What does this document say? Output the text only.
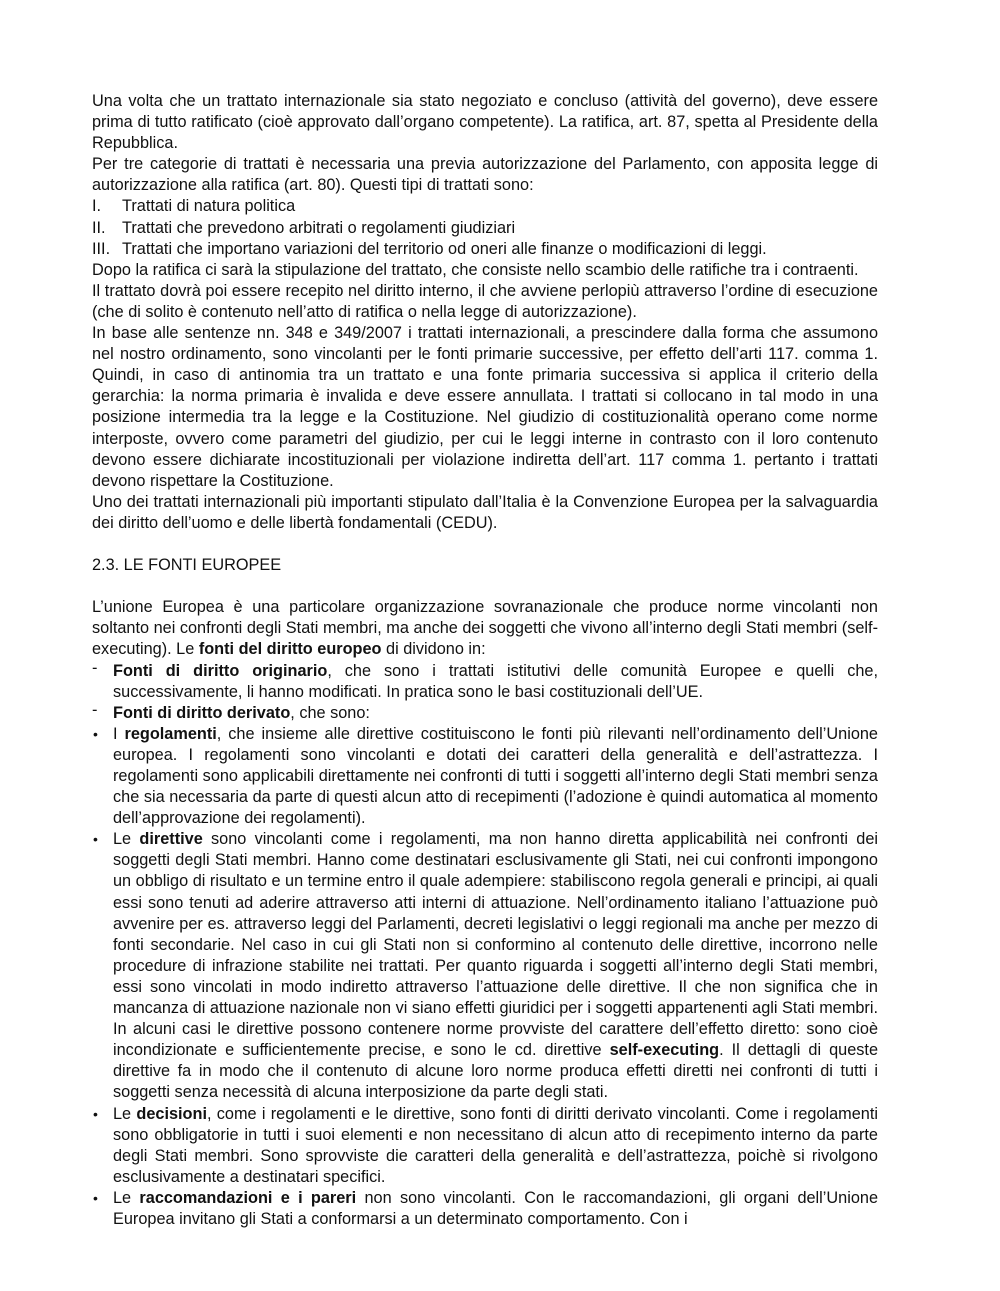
Una volta che un trattato internazionale sia stato negoziato e concluso (attività del governo), deve essere prima di tutto ratificato (cioè approvato dall’organo competente). La ratifica, art. 87, spetta al Presidente della Repubblica.

Per tre categorie di trattati è necessaria una previa autorizzazione del Parlamento, con apposita legge di autorizzazione alla ratifica (art. 80). Questi tipi di trattati sono:

I.	Trattati di natura politica
II.	Trattati che prevedono arbitrati o regolamenti giudiziari
III. Trattati che importano variazioni del territorio od oneri alle finanze o modificazioni di leggi.

Dopo la ratifica ci sarà la stipulazione del trattato, che consiste nello scambio delle ratifiche tra i contraenti.

Il trattato dovrà poi essere recepito nel diritto interno, il che avviene perlopiù attraverso l’ordine di esecuzione (che di solito è contenuto nell’atto di ratifica o nella legge di autorizzazione).

In base alle sentenze nn. 348 e 349/2007 i trattati internazionali, a prescindere dalla forma che assumono nel nostro ordinamento, sono vincolanti per le fonti primarie successive, per effetto dell’arti 117. comma 1. Quindi, in caso di antinomia tra un trattato e una fonte primaria successiva si applica il criterio della gerarchia: la norma primaria è invalida e deve essere annullata. I trattati si collocano in tal modo in una posizione intermedia tra la legge e la Costituzione. Nel giudizio di costituzionalità operano come norme interposte, ovvero come parametri del giudizio, per cui le leggi interne in contrasto con il loro contenuto devono essere dichiarate incostituzionali per violazione indiretta dell’art. 117 comma 1. pertanto i trattati devono rispettare la Costituzione.

Uno dei trattati internazionali più importanti stipulato dall’Italia è la Convenzione Europea per la salvaguardia dei diritto dell’uomo e delle libertà fondamentali (CEDU).

2.3. LE FONTI EUROPEE

L’unione Europea è una particolare organizzazione sovranazionale che produce norme vincolanti non soltanto nei confronti degli Stati membri, ma anche dei soggetti che vivono all’interno degli Stati membri (self-executing). Le fonti del diritto europeo di dividono in:

- Fonti di diritto originario, che sono i trattati istitutivi delle comunità Europee e quelli che, successivamente, li hanno modificati. In pratica sono le basi costituzionali dell’UE.
- Fonti di diritto derivato, che sono:
• I regolamenti, che insieme alle direttive costituiscono le fonti più rilevanti nell’ordinamento dell’Unione europea. I regolamenti sono vincolanti e dotati dei caratteri della generalità e dell’astrattezza. I regolamenti sono applicabili direttamente nei confronti di tutti i soggetti all’interno degli Stati membri senza che sia necessaria da parte di questi alcun atto di recepimenti (l’adozione è quindi automatica al momento dell’approvazione dei regolamenti).
• Le direttive sono vincolanti come i regolamenti, ma non hanno diretta applicabilità nei confronti dei soggetti degli Stati membri. Hanno come destinatari esclusivamente gli Stati, nei cui confronti impongono un obbligo di risultato e un termine entro il quale adempiere: stabiliscono regola generali e principi, ai quali essi sono tenuti ad aderire attraverso atti interni di attuazione. Nell’ordinamento italiano l’attuazione può avvenire per es. attraverso leggi del Parlamenti, decreti legislativi o leggi regionali ma anche per mezzo di fonti secondarie. Nel caso in cui gli Stati non si conformino al contenuto delle direttive, incorrono nelle procedure di infrazione stabilite nei trattati. Per quanto riguarda i soggetti all’interno degli Stati membri, essi sono vincolati in modo indiretto attraverso l’attuazione delle direttive. Il che non significa che in mancanza di attuazione nazionale non vi siano effetti giuridici per i soggetti appartenenti agli Stati membri. In alcuni casi le direttive possono contenere norme provviste del carattere dell’effetto diretto: sono cioè incondizionate e sufficientemente precise, e sono le cd. direttive self-executing. Il dettagli di queste direttive fa in modo che il contenuto di alcune loro norme produca effetti diretti nei confronti di tutti i soggetti senza necessità di alcuna interposizione da parte degli stati.
• Le decisioni, come i regolamenti e le direttive, sono fonti di diritti derivato vincolanti. Come i regolamenti sono obbligatorie in tutti i suoi elementi e non necessitano di alcun atto di recepimento interno da parte degli Stati membri. Sono sprovviste die caratteri della generalità e dell’astrattezza, poichè si rivolgono esclusivamente a destinatari specifici.
• Le raccomandazioni e i pareri non sono vincolanti. Con le raccomandazioni, gli organi dell’Unione Europea invitano gli Stati a conformarsi a un determinato comportamento. Con i
